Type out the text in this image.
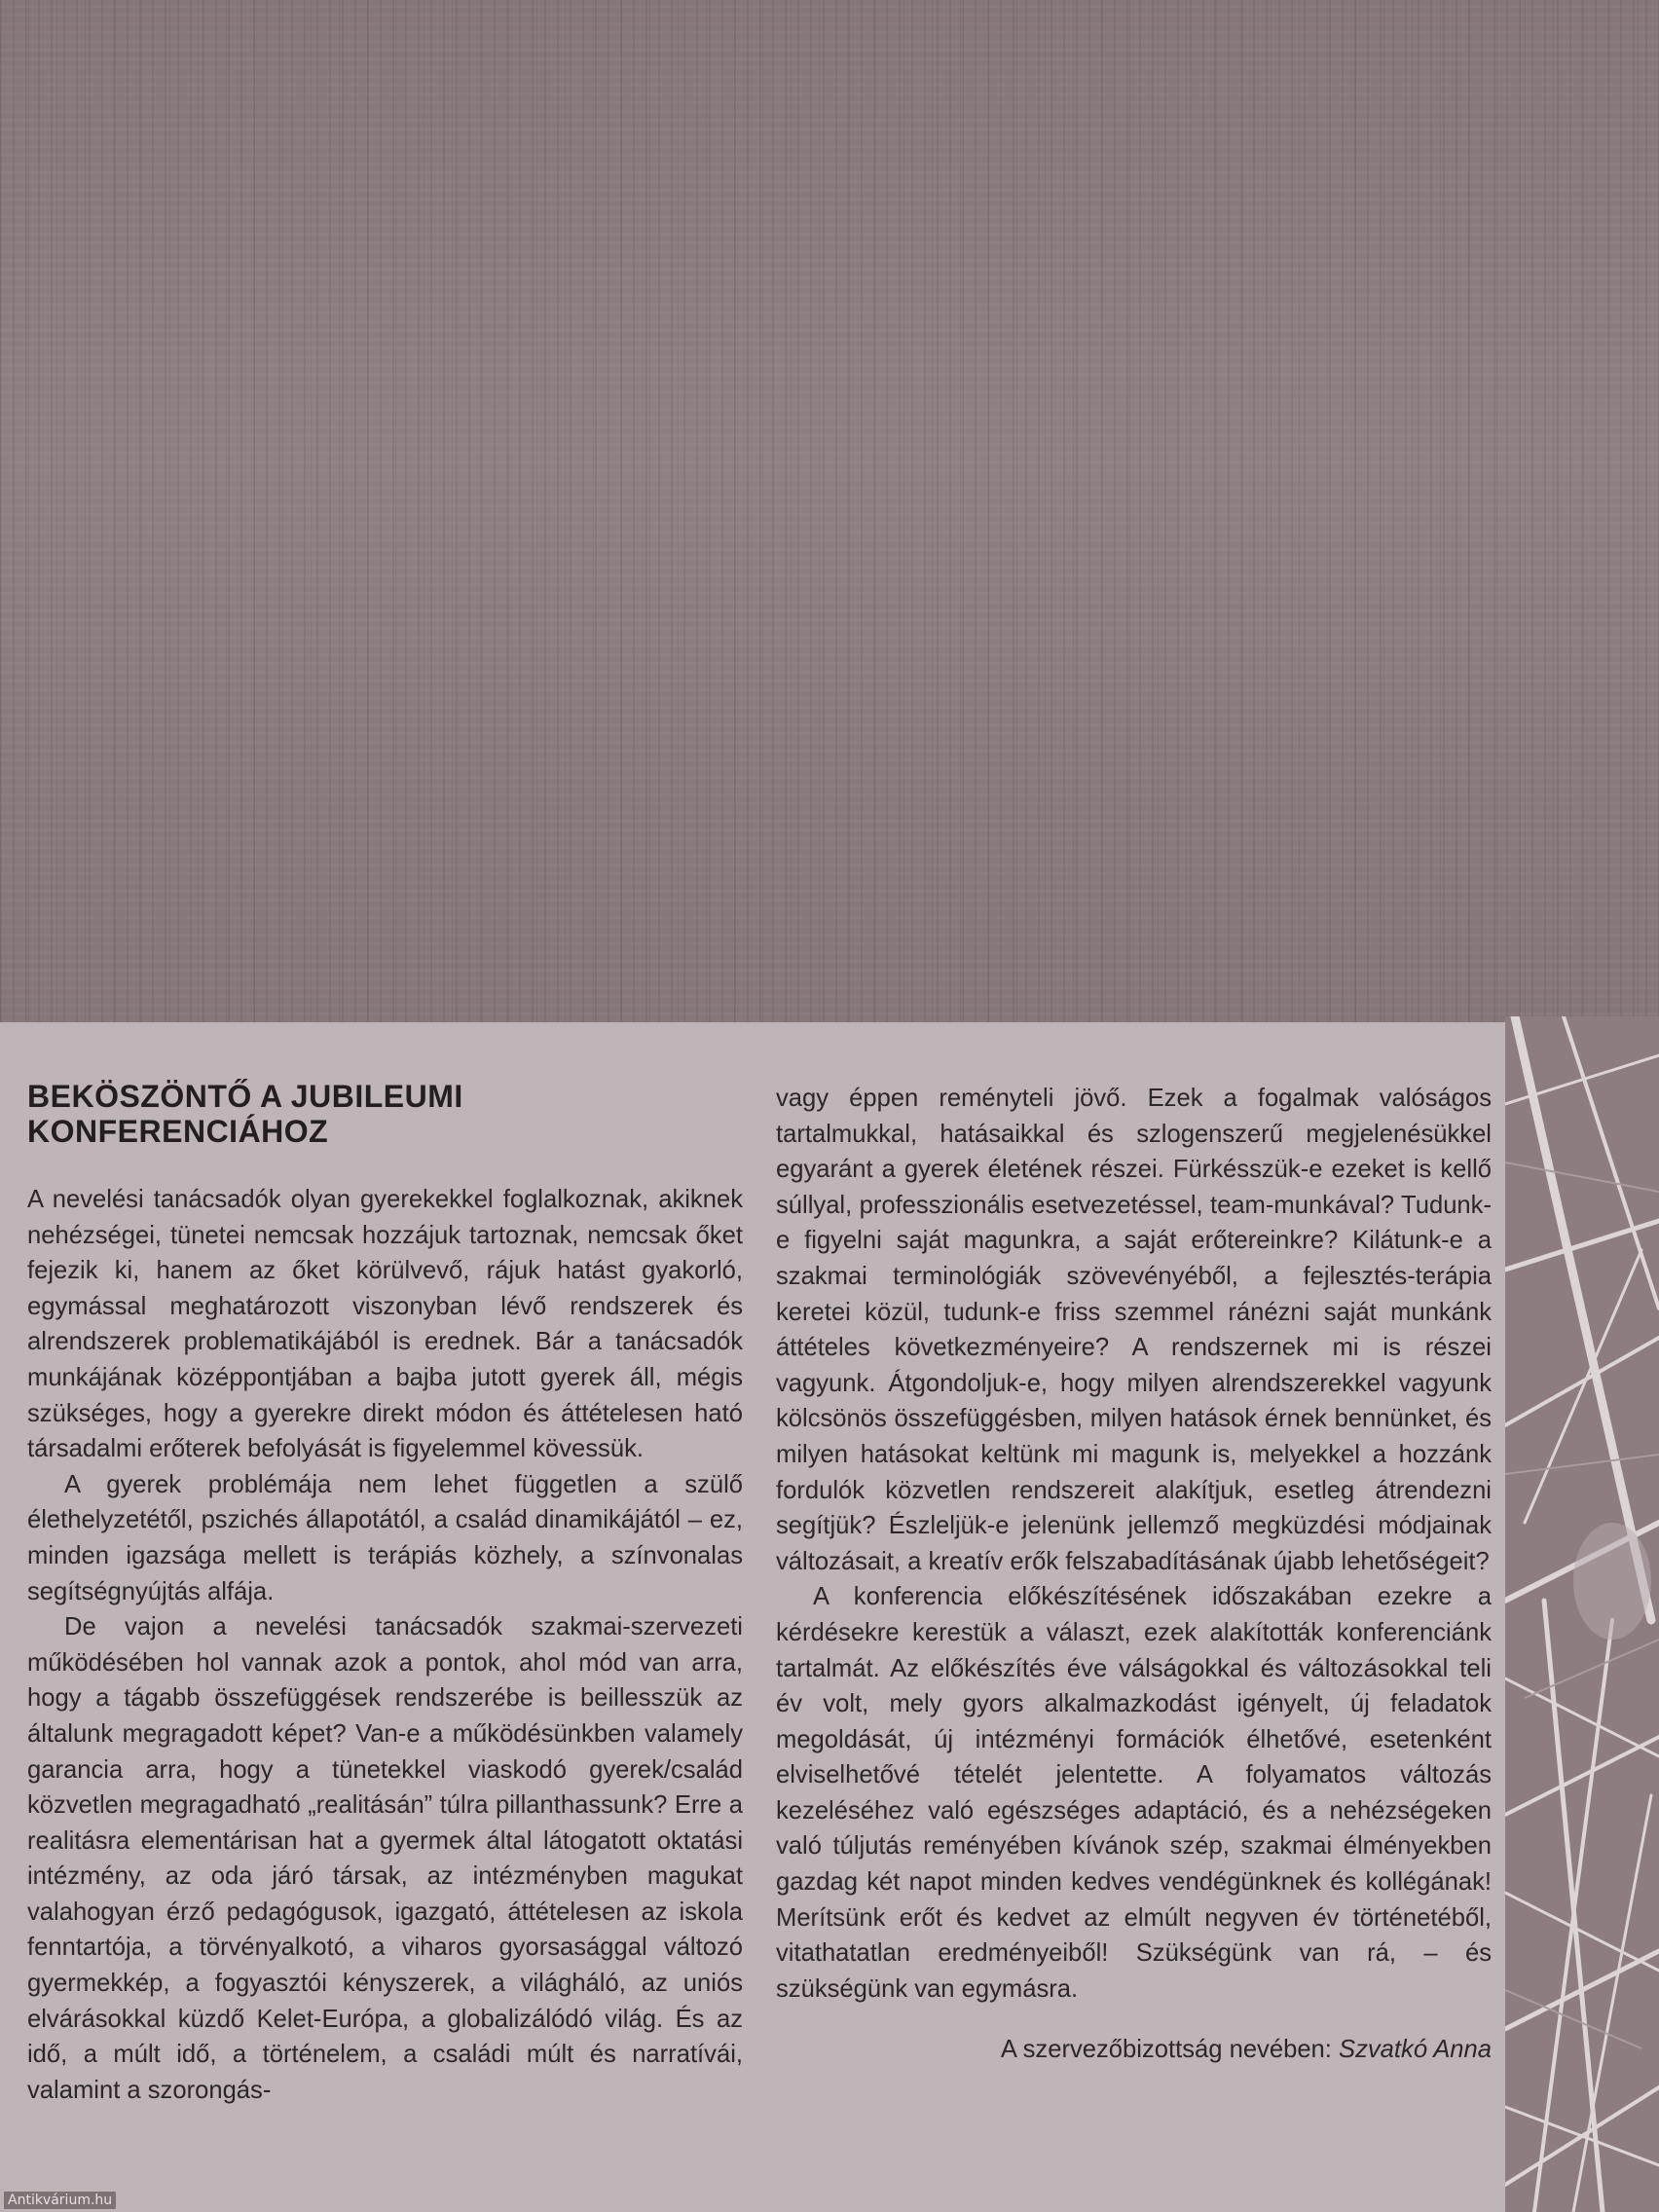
BEKÖSZÖNTŐ A JUBILEUMI
KONFERENCIÁHOZ

A nevelési tanácsadók olyan gyerekekkel foglalkoznak, akiknek nehézségei, tünetei nemcsak hozzájuk tartoznak, nemcsak őket fejezik ki, hanem az őket körülvevő, rájuk hatást gyakorló, egymással meghatározott viszonyban lévő rendszerek és alrendszerek problematikájából is erednek. Bár a tanácsadók munkájának középpontjában a bajba jutott gyerek áll, mégis szükséges, hogy a gyerekre direkt módon és áttételesen ható társadalmi erőterek befolyását is figyelemmel kövessük.

A gyerek problémája nem lehet független a szülő élethelyzetétől, pszichés állapotától, a család dinamikájától – ez, minden igazsága mellett is terápiás közhely, a színvonalas segítségnyújtás alfája.

De vajon a nevelési tanácsadók szakmai-szervezeti működésében hol vannak azok a pontok, ahol mód van arra, hogy a tágabb összefüggések rendszerébe is beillesszük az általunk megragadott képet? Van-e a működésünkben valamely garancia arra, hogy a tünetekkel viaskodó gyerek/család közvetlen megragadható „realitásán” túlra pillanthassunk? Erre a realitásra elementárisan hat a gyermek által látogatott oktatási intézmény, az oda járó társak, az intézményben magukat valahogyan érző pedagógusok, igazgató, áttételesen az iskola fenntartója, a törvényalkotó, a viharos gyorsasággal változó gyermekkép, a fogyasztói kényszerek, a világháló, az uniós elvárásokkal küzdő Kelet-Európa, a globalizálódó világ. És az idő, a múlt idő, a történelem, a családi múlt és narratívái, valamint a szorongás-

vagy éppen reményteli jövő. Ezek a fogalmak valóságos tartalmukkal, hatásaikkal és szlogenszerű megjelenésükkel egyaránt a gyerek életének részei. Fürkésszük-e ezeket is kellő súllyal, professzionális esetvezetéssel, team-munkával? Tudunk-e figyelni saját magunkra, a saját erőtereinkre? Kilátunk-e a szakmai terminológiák szövevényéből, a fejlesztés-terápia keretei közül, tudunk-e friss szemmel ránézni saját munkánk áttételes következményeire? A rendszernek mi is részei vagyunk. Átgondoljuk-e, hogy milyen alrendszerekkel vagyunk kölcsönös összefüggésben, milyen hatások érnek bennünket, és milyen hatásokat keltünk mi magunk is, melyekkel a hozzánk fordulók közvetlen rendszereit alakítjuk, esetleg átrendezni segítjük? Észleljük-e jelenünk jellemző megküzdési módjainak változásait, a kreatív erők felszabadításának újabb lehetőségeit?

A konferencia előkészítésének időszakában ezekre a kérdésekre kerestük a választ, ezek alakították konferenciánk tartalmát. Az előkészítés éve válságokkal és változásokkal teli év volt, mely gyors alkalmazkodást igényelt, új feladatok megoldását, új intézményi formációk élhetővé, esetenként elviselhetővé tételét jelentette. A folyamatos változás kezeléséhez való egészséges adaptáció, és a nehézségeken való túljutás reményében kívánok szép, szakmai élményekben gazdag két napot minden kedves vendégünknek és kollégának! Merítsünk erőt és kedvet az elmúlt negyven év történetéből, vitathatatlan eredményeiből! Szükségünk van rá, – és szükségünk van egymásra.

A szervezőbizottság nevében: Szvatkó Anna

Antikvárium.hu
